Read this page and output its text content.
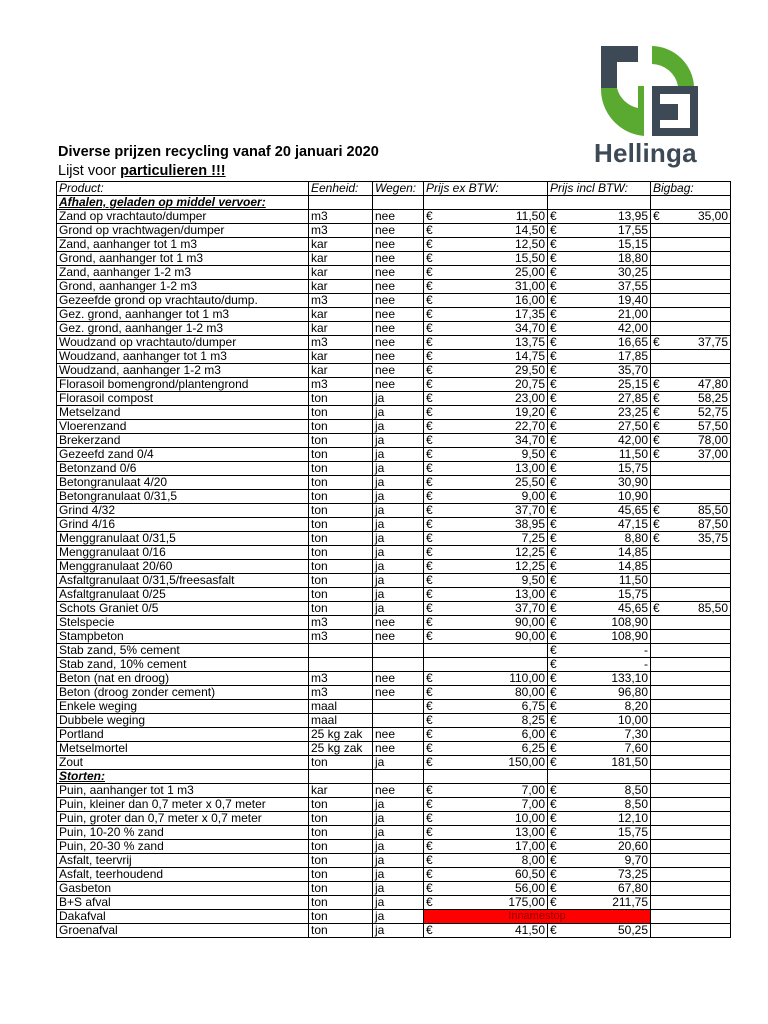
Hellinga
Diverse prijzen recycling vanaf 20 januari 2020
Lijst voor particulieren !!!
Product:	Eenheid:	Wegen:	Prijs ex BTW:		Prijs incl BTW:		Bigbag:	
Afhalen, geladen op middel vervoer:								
Zand op vrachtauto/dumper	m3	nee	€	11,50	€	13,95	€	35,00
Grond op vrachtwagen/dumper	m3	nee	€	14,50	€	17,55		
Zand, aanhanger tot 1 m3	kar	nee	€	12,50	€	15,15		
Grond, aanhanger tot 1 m3	kar	nee	€	15,50	€	18,80		
Zand, aanhanger 1-2 m3	kar	nee	€	25,00	€	30,25		
Grond, aanhanger 1-2 m3	kar	nee	€	31,00	€	37,55		
Gezeefde grond op vrachtauto/dump.	m3	nee	€	16,00	€	19,40		
Gez. grond, aanhanger tot 1 m3	kar	nee	€	17,35	€	21,00		
Gez. grond, aanhanger 1-2 m3	kar	nee	€	34,70	€	42,00		
Woudzand op vrachtauto/dumper	m3	nee	€	13,75	€	16,65	€	37,75
Woudzand, aanhanger tot 1 m3	kar	nee	€	14,75	€	17,85		
Woudzand, aanhanger 1-2 m3	kar	nee	€	29,50	€	35,70		
Florasoil bomengrond/plantengrond	m3	nee	€	20,75	€	25,15	€	47,80
Florasoil compost	ton	ja	€	23,00	€	27,85	€	58,25
Metselzand	ton	ja	€	19,20	€	23,25	€	52,75
Vloerenzand	ton	ja	€	22,70	€	27,50	€	57,50
Brekerzand	ton	ja	€	34,70	€	42,00	€	78,00
Gezeefd zand 0/4	ton	ja	€	9,50	€	11,50	€	37,00
Betonzand 0/6	ton	ja	€	13,00	€	15,75		
Betongranulaat 4/20	ton	ja	€	25,50	€	30,90		
Betongranulaat 0/31,5	ton	ja	€	9,00	€	10,90		
Grind 4/32	ton	ja	€	37,70	€	45,65	€	85,50
Grind 4/16	ton	ja	€	38,95	€	47,15	€	87,50
Menggranulaat 0/31,5	ton	ja	€	7,25	€	8,80	€	35,75
Menggranulaat 0/16	ton	ja	€	12,25	€	14,85		
Menggranulaat 20/60	ton	ja	€	12,25	€	14,85		
Asfaltgranulaat 0/31,5/freesasfalt	ton	ja	€	9,50	€	11,50		
Asfaltgranulaat 0/25	ton	ja	€	13,00	€	15,75		
Schots Graniet 0/5	ton	ja	€	37,70	€	45,65	€	85,50
Stelspecie	m3	nee	€	90,00	€	108,90		
Stampbeton	m3	nee	€	90,00	€	108,90		
Stab zand, 5% cement					€	-		
Stab zand, 10% cement					€	-		
Beton (nat en droog)	m3	nee	€	110,00	€	133,10		
Beton (droog zonder cement)	m3	nee	€	80,00	€	96,80		
Enkele weging	maal		€	6,75	€	8,20		
Dubbele weging	maal		€	8,25	€	10,00		
Portland	25 kg zak	nee	€	6,00	€	7,30		
Metselmortel	25 kg zak	nee	€	6,25	€	7,60		
Zout	ton	ja	€	150,00	€	181,50		
Storten:								
Puin, aanhanger tot 1 m3	kar	nee	€	7,00	€	8,50		
Puin, kleiner dan 0,7 meter x 0,7 meter	ton	ja	€	7,00	€	8,50		
Puin, groter dan 0,7 meter x 0,7 meter	ton	ja	€	10,00	€	12,10		
Puin, 10-20 % zand	ton	ja	€	13,00	€	15,75		
Puin, 20-30 % zand	ton	ja	€	17,00	€	20,60		
Asfalt, teervrij	ton	ja	€	8,00	€	9,70		
Asfalt, teerhoudend	ton	ja	€	60,50	€	73,25		
Gasbeton	ton	ja	€	56,00	€	67,80		
B+S afval	ton	ja	€	175,00	€	211,75		
Dakafval	ton	ja	Innamestop					
Groenafval	ton	ja	€	41,50	€	50,25		
